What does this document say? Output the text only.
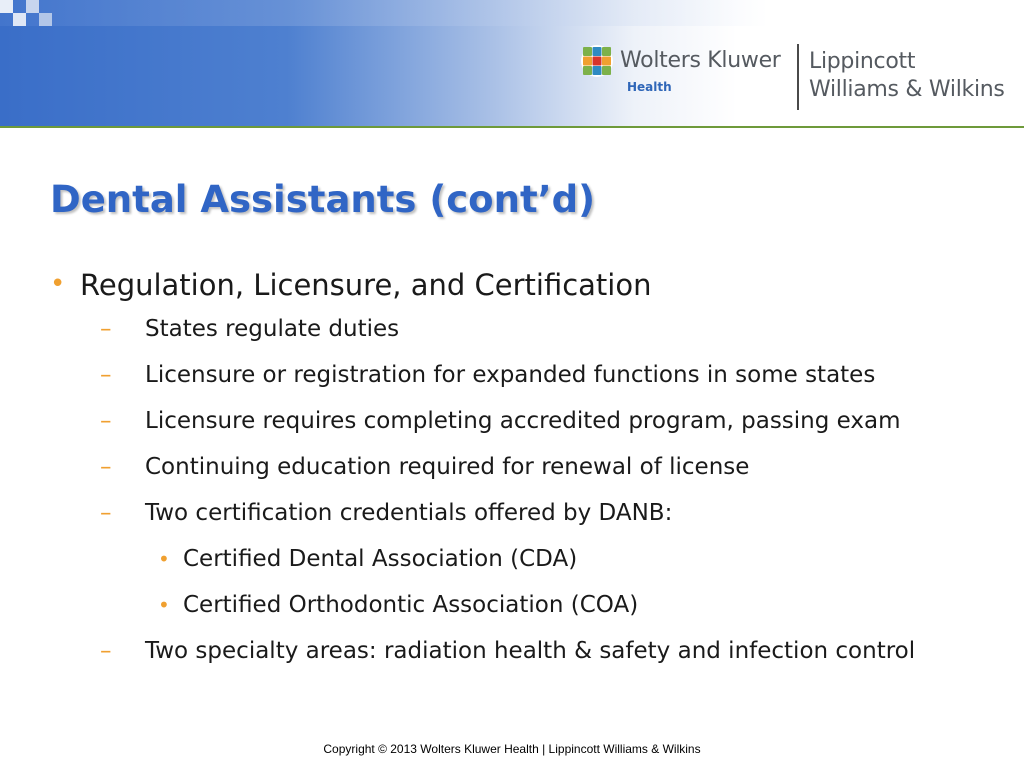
Wolters Kluwer
Health
Lippincott
Williams & Wilkins
Dental Assistants (cont’d)
• Regulation, Licensure, and Certification
– States regulate duties
– Licensure or registration for expanded functions in some states
– Licensure requires completing accredited program, passing exam
– Continuing education required for renewal of license
– Two certification credentials offered by DANB:
• Certified Dental Association (CDA)
• Certified Orthodontic Association (COA)
– Two specialty areas: radiation health & safety and infection control
Copyright © 2013 Wolters Kluwer Health | Lippincott Williams & Wilkins
